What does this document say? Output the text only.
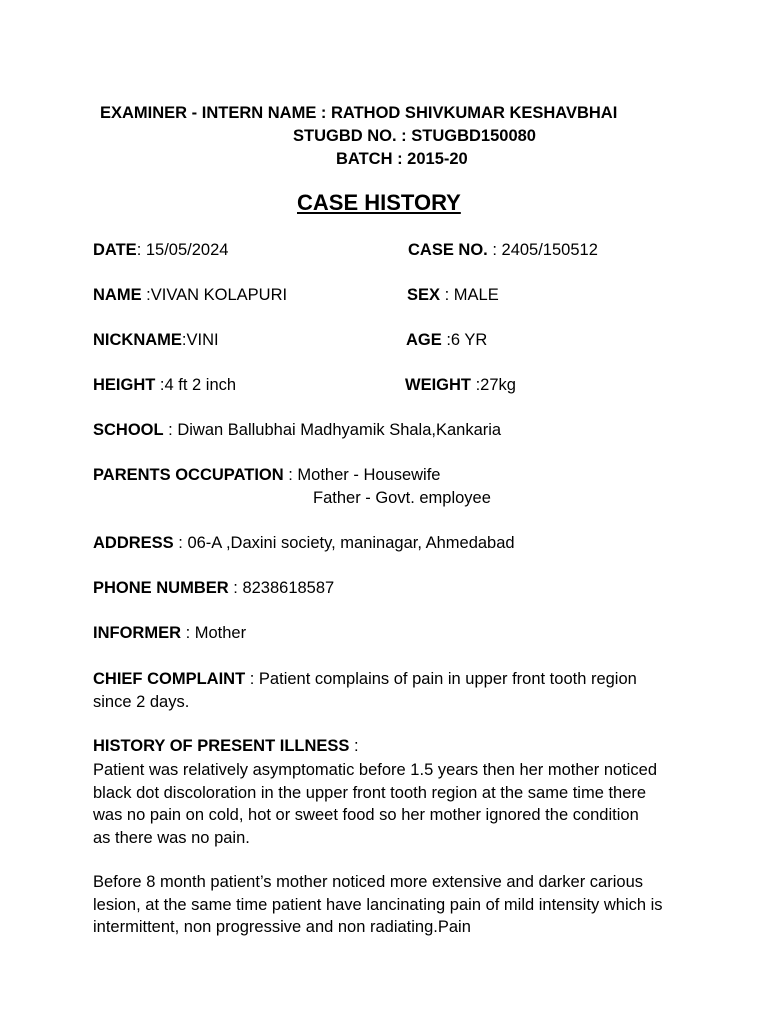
EXAMINER - INTERN NAME : RATHOD SHIVKUMAR KESHAVBHAI
STUGBD NO. : STUGBD150080
BATCH : 2015-20
CASE HISTORY
DATE: 15/05/2024	CASE NO. : 2405/150512
NAME :VIVAN KOLAPURI	SEX : MALE
NICKNAME:VINI	AGE :6 YR
HEIGHT :4 ft 2 inch	WEIGHT :27kg
SCHOOL : Diwan Ballubhai Madhyamik Shala,Kankaria
PARENTS OCCUPATION : Mother - Housewife
Father - Govt. employee
ADDRESS : 06-A ,Daxini society, maninagar, Ahmedabad
PHONE NUMBER : 8238618587
INFORMER : Mother
CHIEF COMPLAINT : Patient complains of pain in upper front tooth region since 2 days.
HISTORY OF PRESENT ILLNESS :
Patient was relatively asymptomatic before 1.5 years then her mother noticed black dot discoloration in the upper front tooth region at the same time there was no pain on cold, hot or sweet food so her mother ignored the condition as there was no pain.
Before 8 month patient’s mother noticed more extensive and darker carious lesion, at the same time patient have lancinating pain of mild intensity which is intermittent, non progressive and non radiating.Pain
